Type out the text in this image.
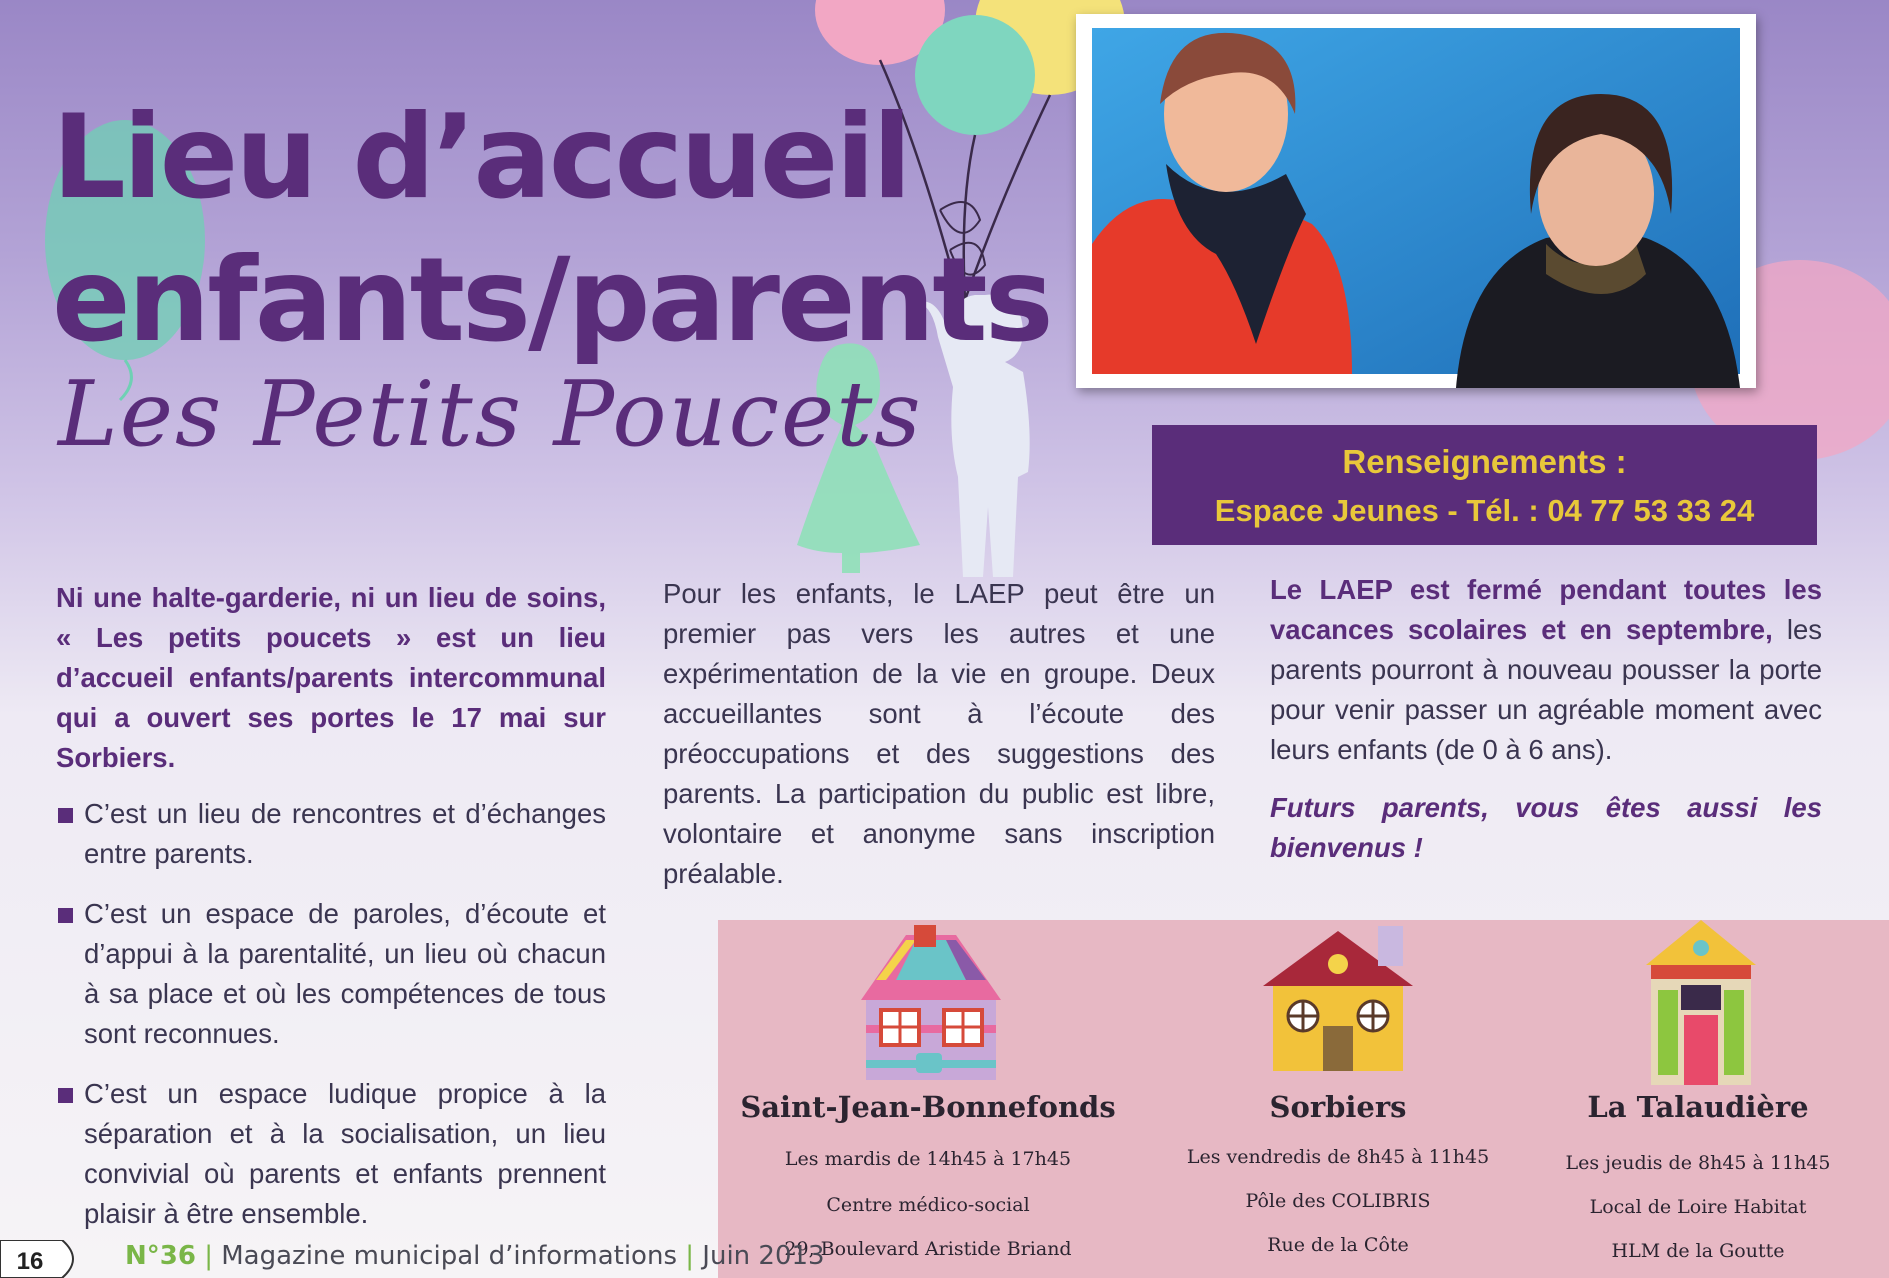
Lieu d’accueil
enfants/parents
Les Petits Poucets	Renseignements :
Espace Jeunes - Tél. : 04 77 53 33 24

Ni une halte-garderie, ni un lieu de soins, « Les petits poucets » est un lieu d’accueil enfants/parents intercommunal qui a ouvert ses portes le 17 mai sur Sorbiers.

C’est un lieu de rencontres et d’échanges entre parents.
C’est un espace de paroles, d’écoute et d’appui à la parentalité, un lieu où chacun à sa place et où les compétences de tous sont reconnues.
C’est un espace ludique propice à la séparation et à la socialisation, un lieu convivial où parents et enfants prennent plaisir à être ensemble.

Pour les enfants, le LAEP peut être un premier pas vers les autres et une expérimentation de la vie en groupe. Deux accueillantes sont à l’écoute des préoccupations et des suggestions des parents. La participation du public est libre, volontaire et anonyme sans inscription préalable.

Le LAEP est fermé pendant toutes les vacances scolaires et en septembre, les parents pourront à nouveau pousser la porte pour venir passer un agréable moment avec leurs enfants (de 0 à 6 ans).

Futurs parents, vous êtes aussi les bienvenus !

Saint-Jean-Bonnefonds
Les mardis de 14h45 à 17h45
Centre médico-social
29, Boulevard Aristide Briand
Sorbiers
Les vendredis de 8h45 à 11h45
Pôle des COLIBRIS
Rue de la Côte
La Talaudière
Les jeudis de 8h45 à 11h45
Local de Loire Habitat
HLM de la Goutte
16	N°36 | Magazine municipal d’informations | Juin 2013
